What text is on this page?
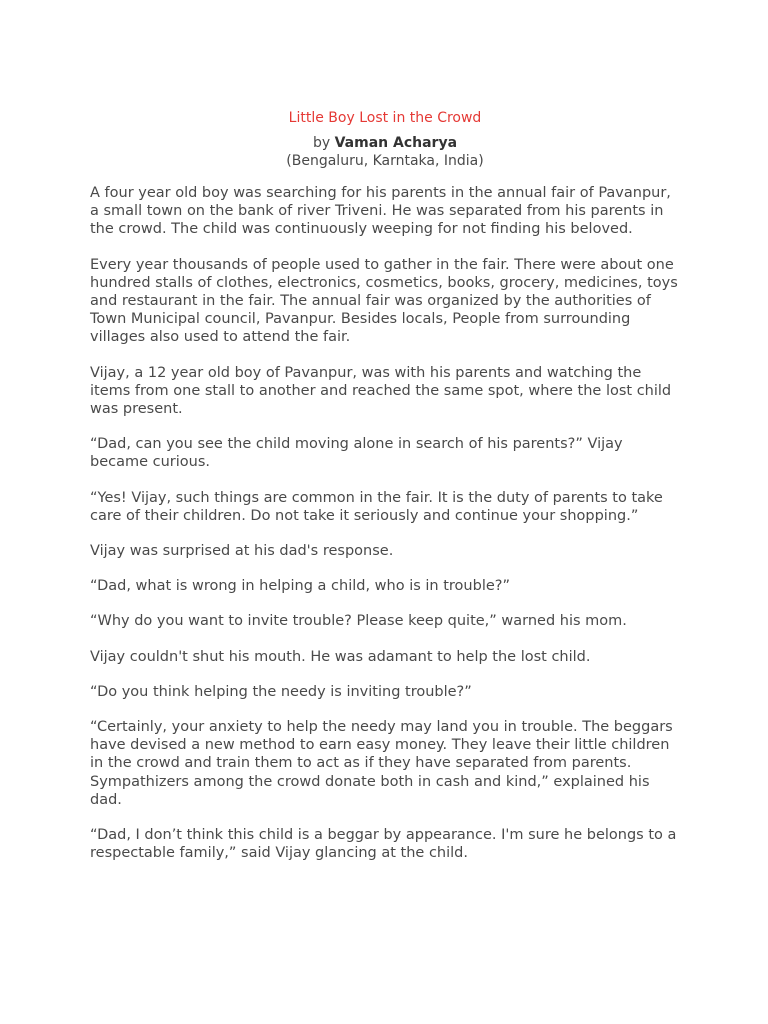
Little Boy Lost in the Crowd

by Vaman Acharya

(Bengaluru, Karntaka, India)

A four year old boy was searching for his parents in the annual fair of Pavanpur, a small town on the bank of river Triveni. He was separated from his parents in the crowd. The child was continuously weeping for not finding his beloved.

Every year thousands of people used to gather in the fair. There were about one hundred stalls of clothes, electronics, cosmetics, books, grocery, medicines, toys and restaurant in the fair. The annual fair was organized by the authorities of Town Municipal council, Pavanpur. Besides locals, People from surrounding villages also used to attend the fair.

Vijay, a 12 year old boy of Pavanpur, was with his parents and watching the items from one stall to another and reached the same spot, where the lost child was present.

“Dad, can you see the child moving alone in search of his parents?” Vijay became curious.

“Yes! Vijay, such things are common in the fair. It is the duty of parents to take care of their children. Do not take it seriously and continue your shopping.”

Vijay was surprised at his dad's response.

“Dad, what is wrong in helping a child, who is in trouble?”

“Why do you want to invite trouble? Please keep quite,” warned his mom.

Vijay couldn't shut his mouth. He was adamant to help the lost child.

“Do you think helping the needy is inviting trouble?”

“Certainly, your anxiety to help the needy may land you in trouble. The beggars have devised a new method to earn easy money. They leave their little children in the crowd and train them to act as if they have separated from parents. Sympathizers among the crowd donate both in cash and kind,” explained his dad.

“Dad, I don’t think this child is a beggar by appearance. I'm sure he belongs to a respectable family,” said Vijay glancing at the child.
